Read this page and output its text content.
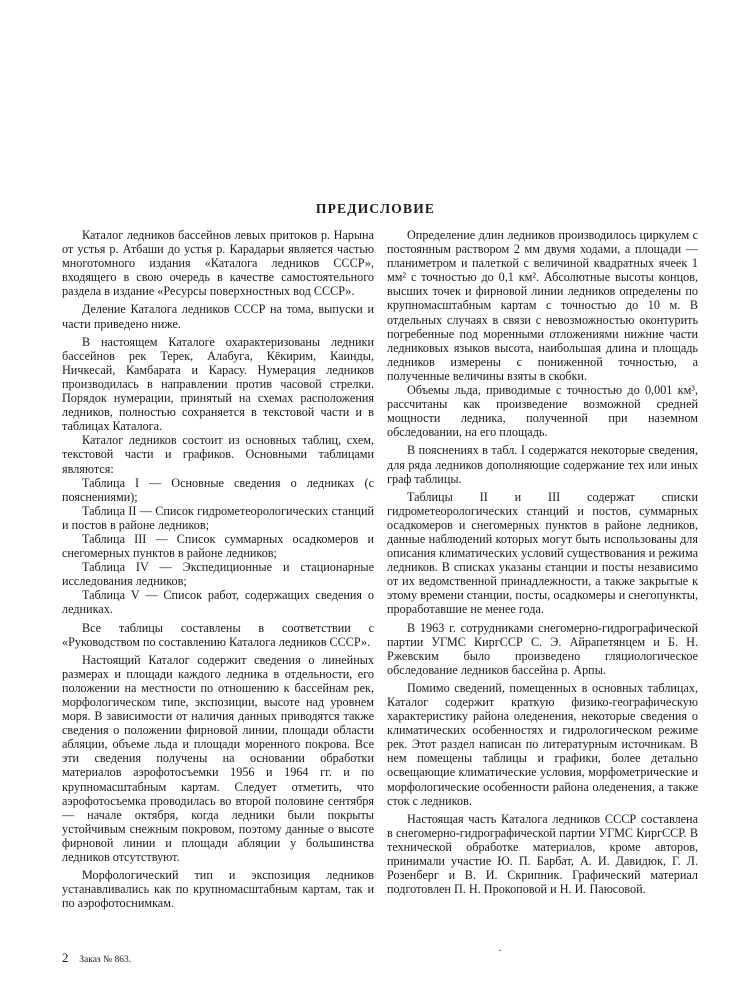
ПРЕДИСЛОВИЕ

Каталог ледников бассейнов левых притоков р. Нарына от устья р. Атбаши до устья р. Карадарьи является частью многотомного издания «Каталога ледников СССР», входящего в свою очередь в качестве самостоятельного раздела в издание «Ресурсы поверхностных вод СССР».

Деление Каталога ледников СССР на тома, выпуски и части приведено ниже.

В настоящем Каталоге охарактеризованы ледники бассейнов рек Терек, Алабуга, Кёкирим, Каинды, Ничкесай, Камбарата и Карасу. Нумерация ледников производилась в направлении против часовой стрелки. Порядок нумерации, принятый на схемах расположения ледников, полностью сохраняется в текстовой части и в таблицах Каталога.

Каталог ледников состоит из основных таблиц, схем, текстовой части и графиков. Основными таблицами являются:

Таблица I — Основные сведения о ледниках (с пояснениями);

Таблица II — Список гидрометеорологических станций и постов в районе ледников;

Таблица III — Список суммарных осадкомеров и снегомерных пунктов в районе ледников;

Таблица IV — Экспедиционные и стационарные исследования ледников;

Таблица V — Список работ, содержащих сведения о ледниках.

Все таблицы составлены в соответствии с «Руководством по составлению Каталога ледников СССР».

Настоящий Каталог содержит сведения о линейных размерах и площади каждого ледника в отдельности, его положении на местности по отношению к бассейнам рек, морфологическом типе, экспозиции, высоте над уровнем моря. В зависимости от наличия данных приводятся также сведения о положении фирновой линии, площади области абляции, объеме льда и площади моренного покрова. Все эти сведения получены на основании обработки материалов аэрофотосъемки 1956 и 1964 гг. и по крупномасштабным картам. Следует отметить, что аэрофотосъемка проводилась во второй половине сентября — начале октября, когда ледники были покрыты устойчивым снежным покровом, поэтому данные о высоте фирновой линии и площади абляции у большинства ледников отсутствуют.

Морфологический тип и экспозиция ледников устанавливались как по крупномасштабным картам, так и по аэрофотоснимкам.

Определение длин ледников производилось циркулем с постоянным раствором 2 мм двумя ходами, а площади — планиметром и палеткой с величиной квадратных ячеек 1 мм² с точностью до 0,1 км². Абсолютные высоты концов, высших точек и фирновой линии ледников определены по крупномасштабным картам с точностью до 10 м. В отдельных случаях в связи с невозможностью оконтурить погребенные под моренными отложениями нижние части ледниковых языков высота, наибольшая длина и площадь ледников измерены с пониженной точностью, а полученные величины взяты в скобки.

Объемы льда, приводимые с точностью до 0,001 км³, рассчитаны как произведение возможной средней мощности ледника, полученной при наземном обследовании, на его площадь.

В пояснениях в табл. I содержатся некоторые сведения, для ряда ледников дополняющие содержание тех или иных граф таблицы.

Таблицы II и III содержат списки гидрометеорологических станций и постов, суммарных осадкомеров и снегомерных пунктов в районе ледников, данные наблюдений которых могут быть использованы для описания климатических условий существования и режима ледников. В списках указаны станции и посты независимо от их ведомственной принадлежности, а также закрытые к этому времени станции, посты, осадкомеры и снегопункты, проработавшие не менее года.

В 1963 г. сотрудниками снегомерно-гидрографической партии УГМС КиргССР С. Э. Айрапетянцем и Б. Н. Ржевским было произведено гляциологическое обследование ледников бассейна р. Арпы.

Помимо сведений, помещенных в основных таблицах, Каталог содержит краткую физико-географическую характеристику района оледенения, некоторые сведения о климатических особенностях и гидрологическом режиме рек. Этот раздел написан по литературным источникам. В нем помещены таблицы и графики, более детально освещающие климатические условия, морфометрические и морфологические особенности района оледенения, а также сток с ледников.

Настоящая часть Каталога ледников СССР составлена в снегомерно-гидрографической партии УГМС КиргССР. В технической обработке материалов, кроме авторов, принимали участие Ю. П. Барбат, А. И. Давидюк, Г. Л. Розенберг и В. И. Скрипник. Графический материал подготовлен П. Н. Прокоповой и Н. И. Паюсовой.

·
2 Заказ № 863.
